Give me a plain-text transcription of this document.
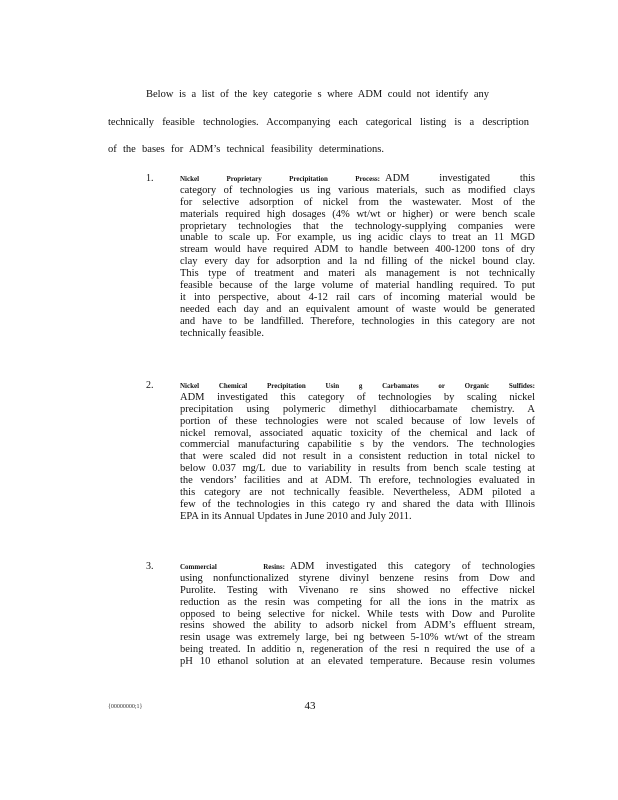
Below is a list of the key categorie s where ADM could not identify any
technically feasible technologies. Accompanying each categorical listing is a description
of the bases for ADM’s technical feasibility determinations.
1.	Nickel Proprietary Precipitation Process: ADM investigated this
category of technologies us ing various materials, such as modified clays
for selective adsorption of nickel from the wastewater. Most of the
materials required high dosages (4% wt/wt or higher) or were bench scale
proprietary technologies that the technology-supplying companies were
unable to scale up. For example, us ing acidic clays to treat an 11 MGD
stream would have required ADM to handle between 400-1200 tons of dry
clay every day for adsorption and la nd filling of the nickel bound clay.
This type of treatment and materi als management is not technically
feasible because of the large volume of material handling required. To put
it into perspective, about 4-12 rail cars of incoming material would be
needed each day and an equivalent amount of waste would be generated
and have to be landfilled. Therefore, technologies in this category are not
technically feasible.
2.	Nickel Chemical Precipitation Usin g Carbamates or Organic Sulfides:
ADM investigated this category of technologies by scaling nickel
precipitation using polymeric dimethyl dithiocarbamate chemistry. A
portion of these technologies were not scaled because of low levels of
nickel removal, associated aquatic toxicity of the chemical and lack of
commercial manufacturing capabilitie s by the vendors. The technologies
that were scaled did not result in a consistent reduction in total nickel to
below 0.037 mg/L due to variability in results from bench scale testing at
the vendors’ facilities and at ADM. Th erefore, technologies evaluated in
this category are not technically feasible. Nevertheless, ADM piloted a
few of the technologies in this catego ry and shared the data with Illinois
EPA in its Annual Updates in June 2010 and July 2011.
3.	Commercial Resins: ADM investigated this category of technologies
using nonfunctionalized styrene divinyl benzene resins from Dow and
Purolite. Testing with Vivenano re sins showed no effective nickel
reduction as the resin was competing for all the ions in the matrix as
opposed to being selective for nickel. While tests with Dow and Purolite
resins showed the ability to adsorb nickel from ADM’s effluent stream,
resin usage was extremely large, bei ng between 5-10% wt/wt of the stream
being treated. In additio n, regeneration of the resi n required the use of a
pH 10 ethanol solution at an elevated temperature. Because resin volumes
{00000000;1}	43
